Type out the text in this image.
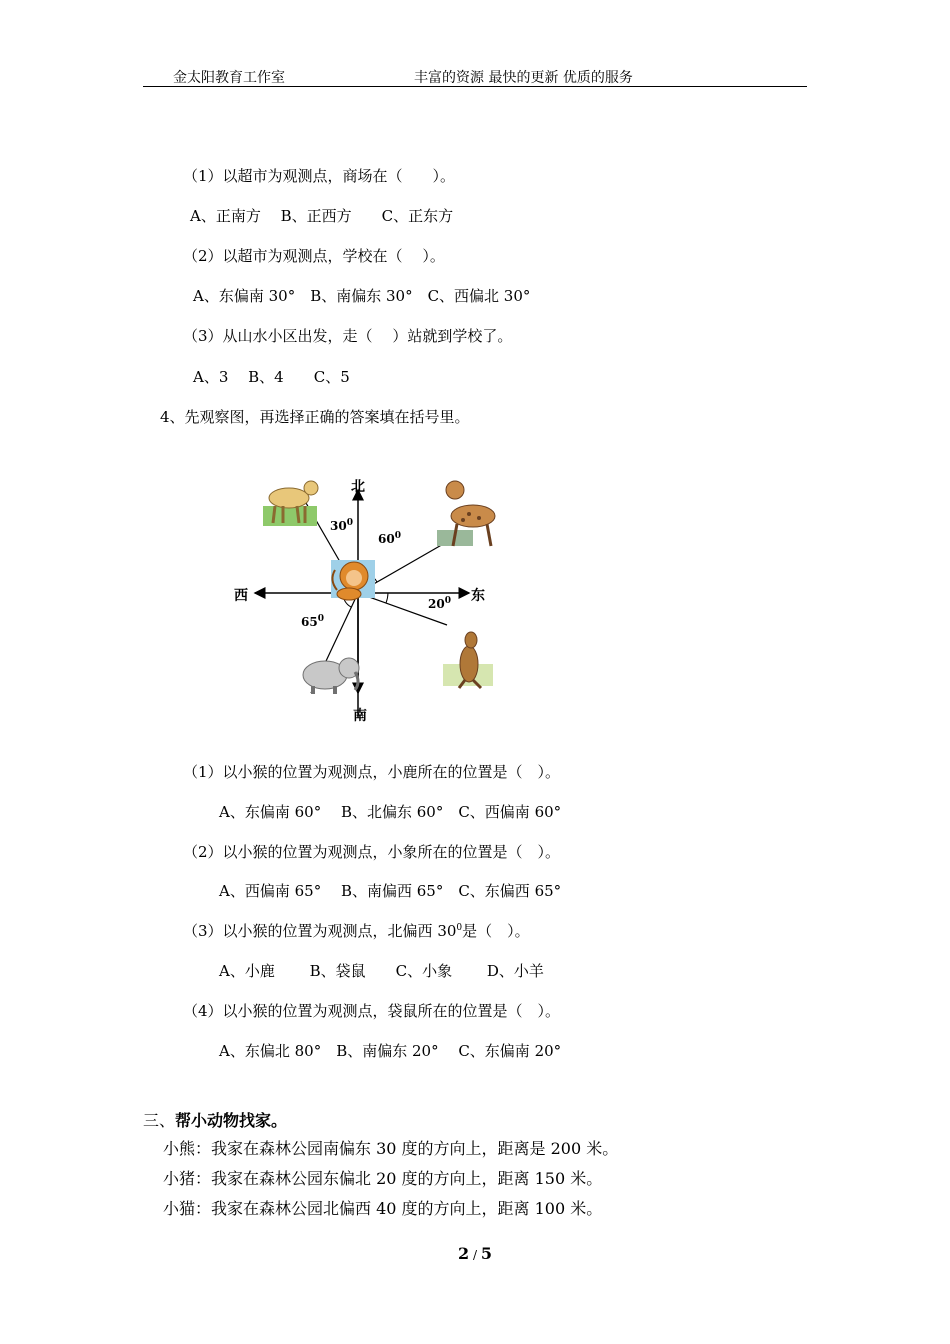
金太阳教育工作室	丰富的资源 最快的更新 优质的服务
（1）以超市为观测点，商场在（　　）。
A、正南方　 B、正西方　　C、正东方
（2）以超市为观测点，学校在（　 ）。
A、东偏南 30°　B、南偏东 30°　C、西偏北 30°
（3）从山水小区出发，走（　 ）站就到学校了。
A、3　 B、4　　C、5
4、先观察图，再选择正确的答案填在括号里。
北
南
东
西
$30^0$
$60^0$
$20^0$
$65^0$
（1）以小猴的位置为观测点，小鹿所在的位置是（　）。
A、东偏南 60°　 B、北偏东 60°　C、西偏南 60°
（2）以小猴的位置为观测点，小象所在的位置是（　）。
A、西偏南 65°　 B、南偏西 65°　C、东偏西 65°
（3）以小猴的位置为观测点，北偏西 $30^0$是（　）。
A、小鹿　　 B、袋鼠　　C、小象　　 D、小羊
（4）以小猴的位置为观测点，袋鼠所在的位置是（　）。
A、东偏北 80°　B、南偏东 20°　 C、东偏南 20°
三、帮小动物找家。
小熊：我家在森林公园南偏东 30 度的方向上，距离是 200 米。
小猪：我家在森林公园东偏北 20 度的方向上，距离 150 米。
小猫：我家在森林公园北偏西 40 度的方向上，距离 100 米。
2 / 5
